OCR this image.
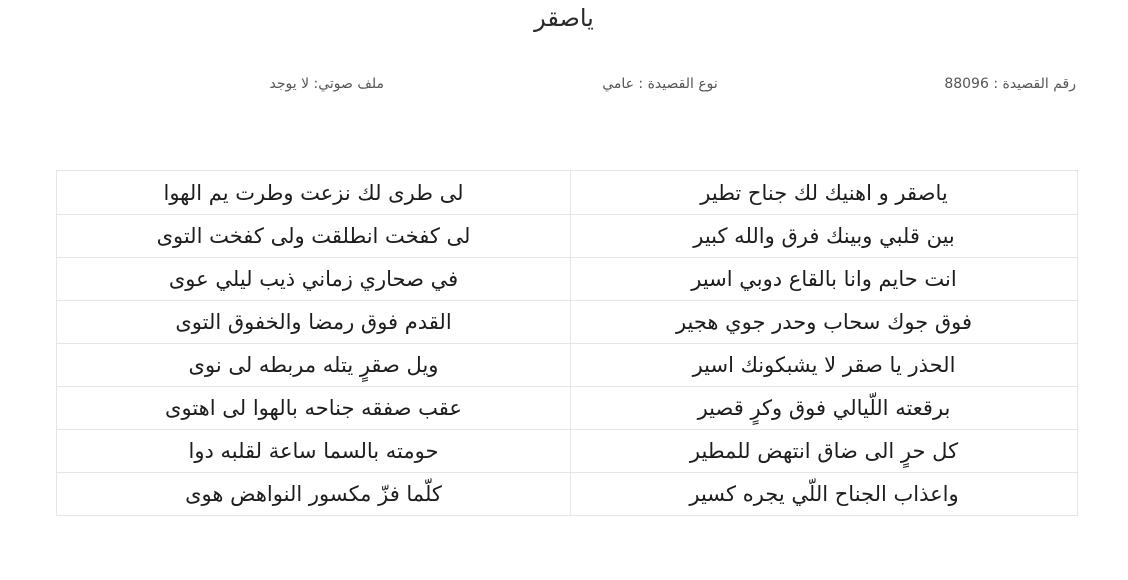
ياصقر
رقم القصيدة : 88096
نوع القصيدة : عامي
ملف صوتي: لا يوجد
ياصقر و اهنيك لك جناح تطير	لى طرى لك نزعت وطرت يم الهوا
بين قلبي وبينك فرق والله كبير	لى كفخت انطلقت ولى كفخت التوى
انت حايم وانا بالقاع دوبي اسير	في صحاري زماني ذيب ليلي عوى
فوق جوك سحاب وحدر جوي هجير	القدم فوق رمضا والخفوق التوى
الحذر يا صقر لا يشبكونك اسير	ويل صقرٍ يتله مربطه لى نوى
برقعته اللّيالي فوق وكرٍ قصير	عقب صفقه جناحه بالهوا لى اهتوى
كل حرٍ الى ضاق انتهض للمطير	حومته بالسما ساعة لقلبه دوا
واعذاب الجناح اللّي يجره كسير	كلّما فزّ مكسور النواهض هوى
